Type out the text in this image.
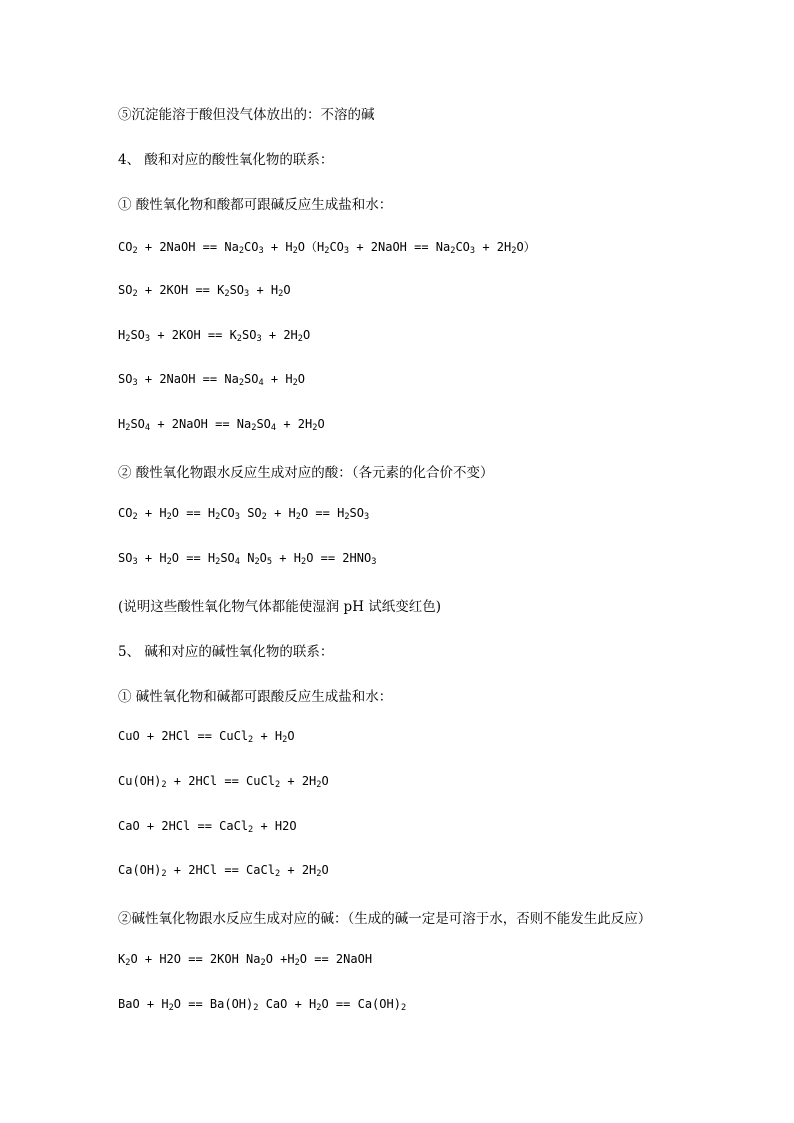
⑤沉淀能溶于酸但没气体放出的：不溶的碱
4、 酸和对应的酸性氧化物的联系：
① 酸性氧化物和酸都可跟碱反应生成盐和水：
$CO_2$ + 2NaOH == $Na_2CO_3 + H_2O(H_2CO_3$ + 2NaOH == $Na_2CO_3 + 2H_2O$）
$SO_2 + 2KOH == K_2SO_3 + H_2O$
$H_2SO_3 + 2KOH == K_2SO_3 + 2H_2O$
$SO_3$ + 2NaOH == $Na_2SO_4 + H_2O$
$H_2SO_4$ + 2NaOH == $Na_2SO_4 + 2H_2O$
② 酸性氧化物跟水反应生成对应的酸：（各元素的化合价不变）
$CO_2 + H_2O == H_2CO_3$ $SO_2 + H_2O == H_2SO_3$
$SO_3 + H_2O == H_2SO_4$ $N_2O_5 + H_2O == 2HNO_3$
(说明这些酸性氧化物气体都能使湿润 pH 试纸变红色)
5、 碱和对应的碱性氧化物的联系：
① 碱性氧化物和碱都可跟酸反应生成盐和水：
CuO + 2HCl == CuCl$_2$ + $H_2O$
$Cu(OH)_2 + 2HCl$ == CuCl$_2$ + $2H_2O$
CaO + 2HCl == CaCl$_2$ + H2O
$Ca(OH)_2 + 2HCl$ == CaCl$_2$ + $2H_2O$
②碱性氧化物跟水反应生成对应的碱：（生成的碱一定是可溶于水，否则不能发生此反应）
$K_2O + H2O == 2KOH$ $Na_2O +H_2O$ == 2NaOH
BaO + $H_2O == Ba(OH)_2$ CaO + $H_2O == Ca(OH)_2$
